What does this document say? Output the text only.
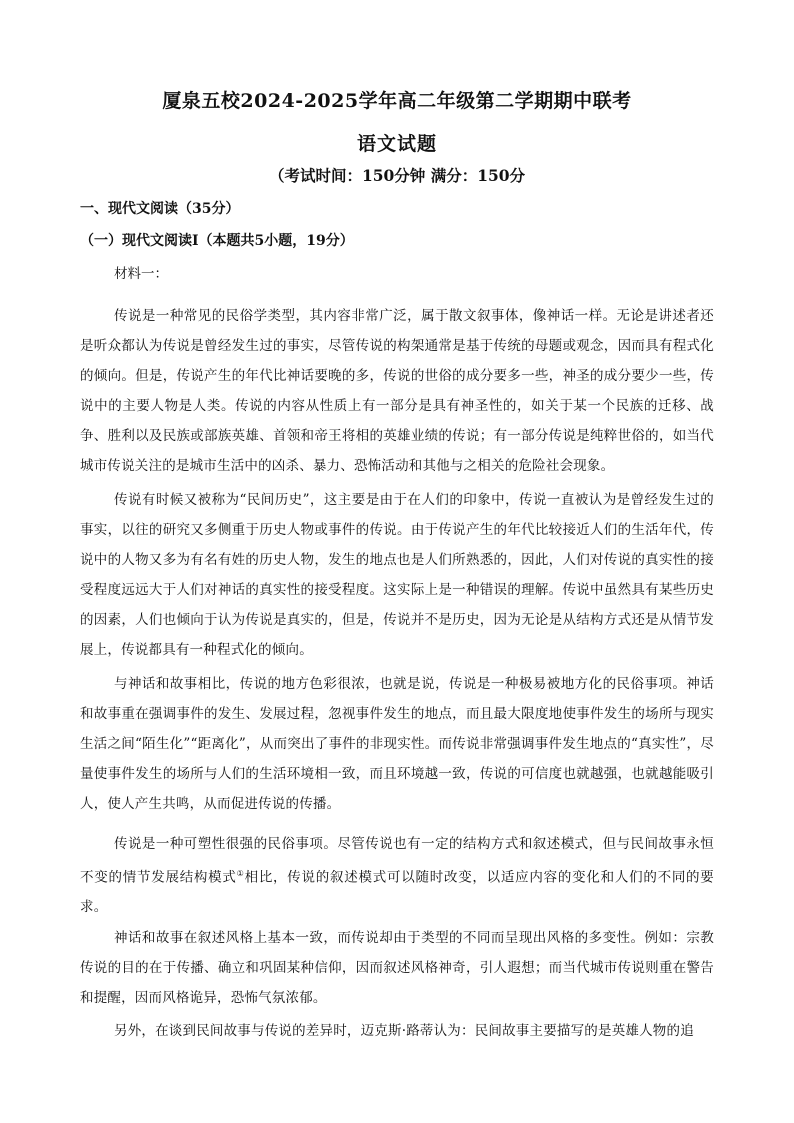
厦泉五校2024-2025学年高二年级第二学期期中联考
语文试题
（考试时间：150分钟 满分：150分
一、现代文阅读（35分）
（一）现代文阅读Ⅰ（本题共5小题，19分）
材料一：

传说是一种常见的民俗学类型，其内容非常广泛，属于散文叙事体，像神话一样。无论是讲述者还是听众都认为传说是曾经发生过的事实，尽管传说的构架通常是基于传统的母题或观念，因而具有程式化的倾向。但是，传说产生的年代比神话要晚的多，传说的世俗的成分要多一些，神圣的成分要少一些，传说中的主要人物是人类。传说的内容从性质上有一部分是具有神圣性的，如关于某一个民族的迁移、战争、胜利以及民族或部族英雄、首领和帝王将相的英雄业绩的传说；有一部分传说是纯粹世俗的，如当代城市传说关注的是城市生活中的凶杀、暴力、恐怖活动和其他与之相关的危险社会现象。

传说有时候又被称为“民间历史”，这主要是由于在人们的印象中，传说一直被认为是曾经发生过的事实，以往的研究又多侧重于历史人物或事件的传说。由于传说产生的年代比较接近人们的生活年代，传说中的人物又多为有名有姓的历史人物，发生的地点也是人们所熟悉的，因此，人们对传说的真实性的接受程度远远大于人们对神话的真实性的接受程度。这实际上是一种错误的理解。传说中虽然具有某些历史的因素，人们也倾向于认为传说是真实的，但是，传说并不是历史，因为无论是从结构方式还是从情节发展上，传说都具有一种程式化的倾向。

与神话和故事相比，传说的地方色彩很浓，也就是说，传说是一种极易被地方化的民俗事项。神话和故事重在强调事件的发生、发展过程，忽视事件发生的地点，而且最大限度地使事件发生的场所与现实生活之间“陌生化”“距离化”，从而突出了事件的非现实性。而传说非常强调事件发生地点的“真实性”，尽量使事件发生的场所与人们的生活环境相一致，而且环境越一致，传说的可信度也就越强，也就越能吸引人，使人产生共鸣，从而促进传说的传播。

传说是一种可塑性很强的民俗事项。尽管传说也有一定的结构方式和叙述模式，但与民间故事永恒不变的情节发展结构模式①相比，传说的叙述模式可以随时改变，以适应内容的变化和人们的不同的要求。

神话和故事在叙述风格上基本一致，而传说却由于类型的不同而呈现出风格的多变性。例如：宗教传说的目的在于传播、确立和巩固某种信仰，因而叙述风格神奇，引人遐想；而当代城市传说则重在警告和提醒，因而风格诡异，恐怖气氛浓郁。

另外，在谈到民间故事与传说的差异时，迈克斯·路蒂认为：民间故事主要描写的是英雄人物的追
